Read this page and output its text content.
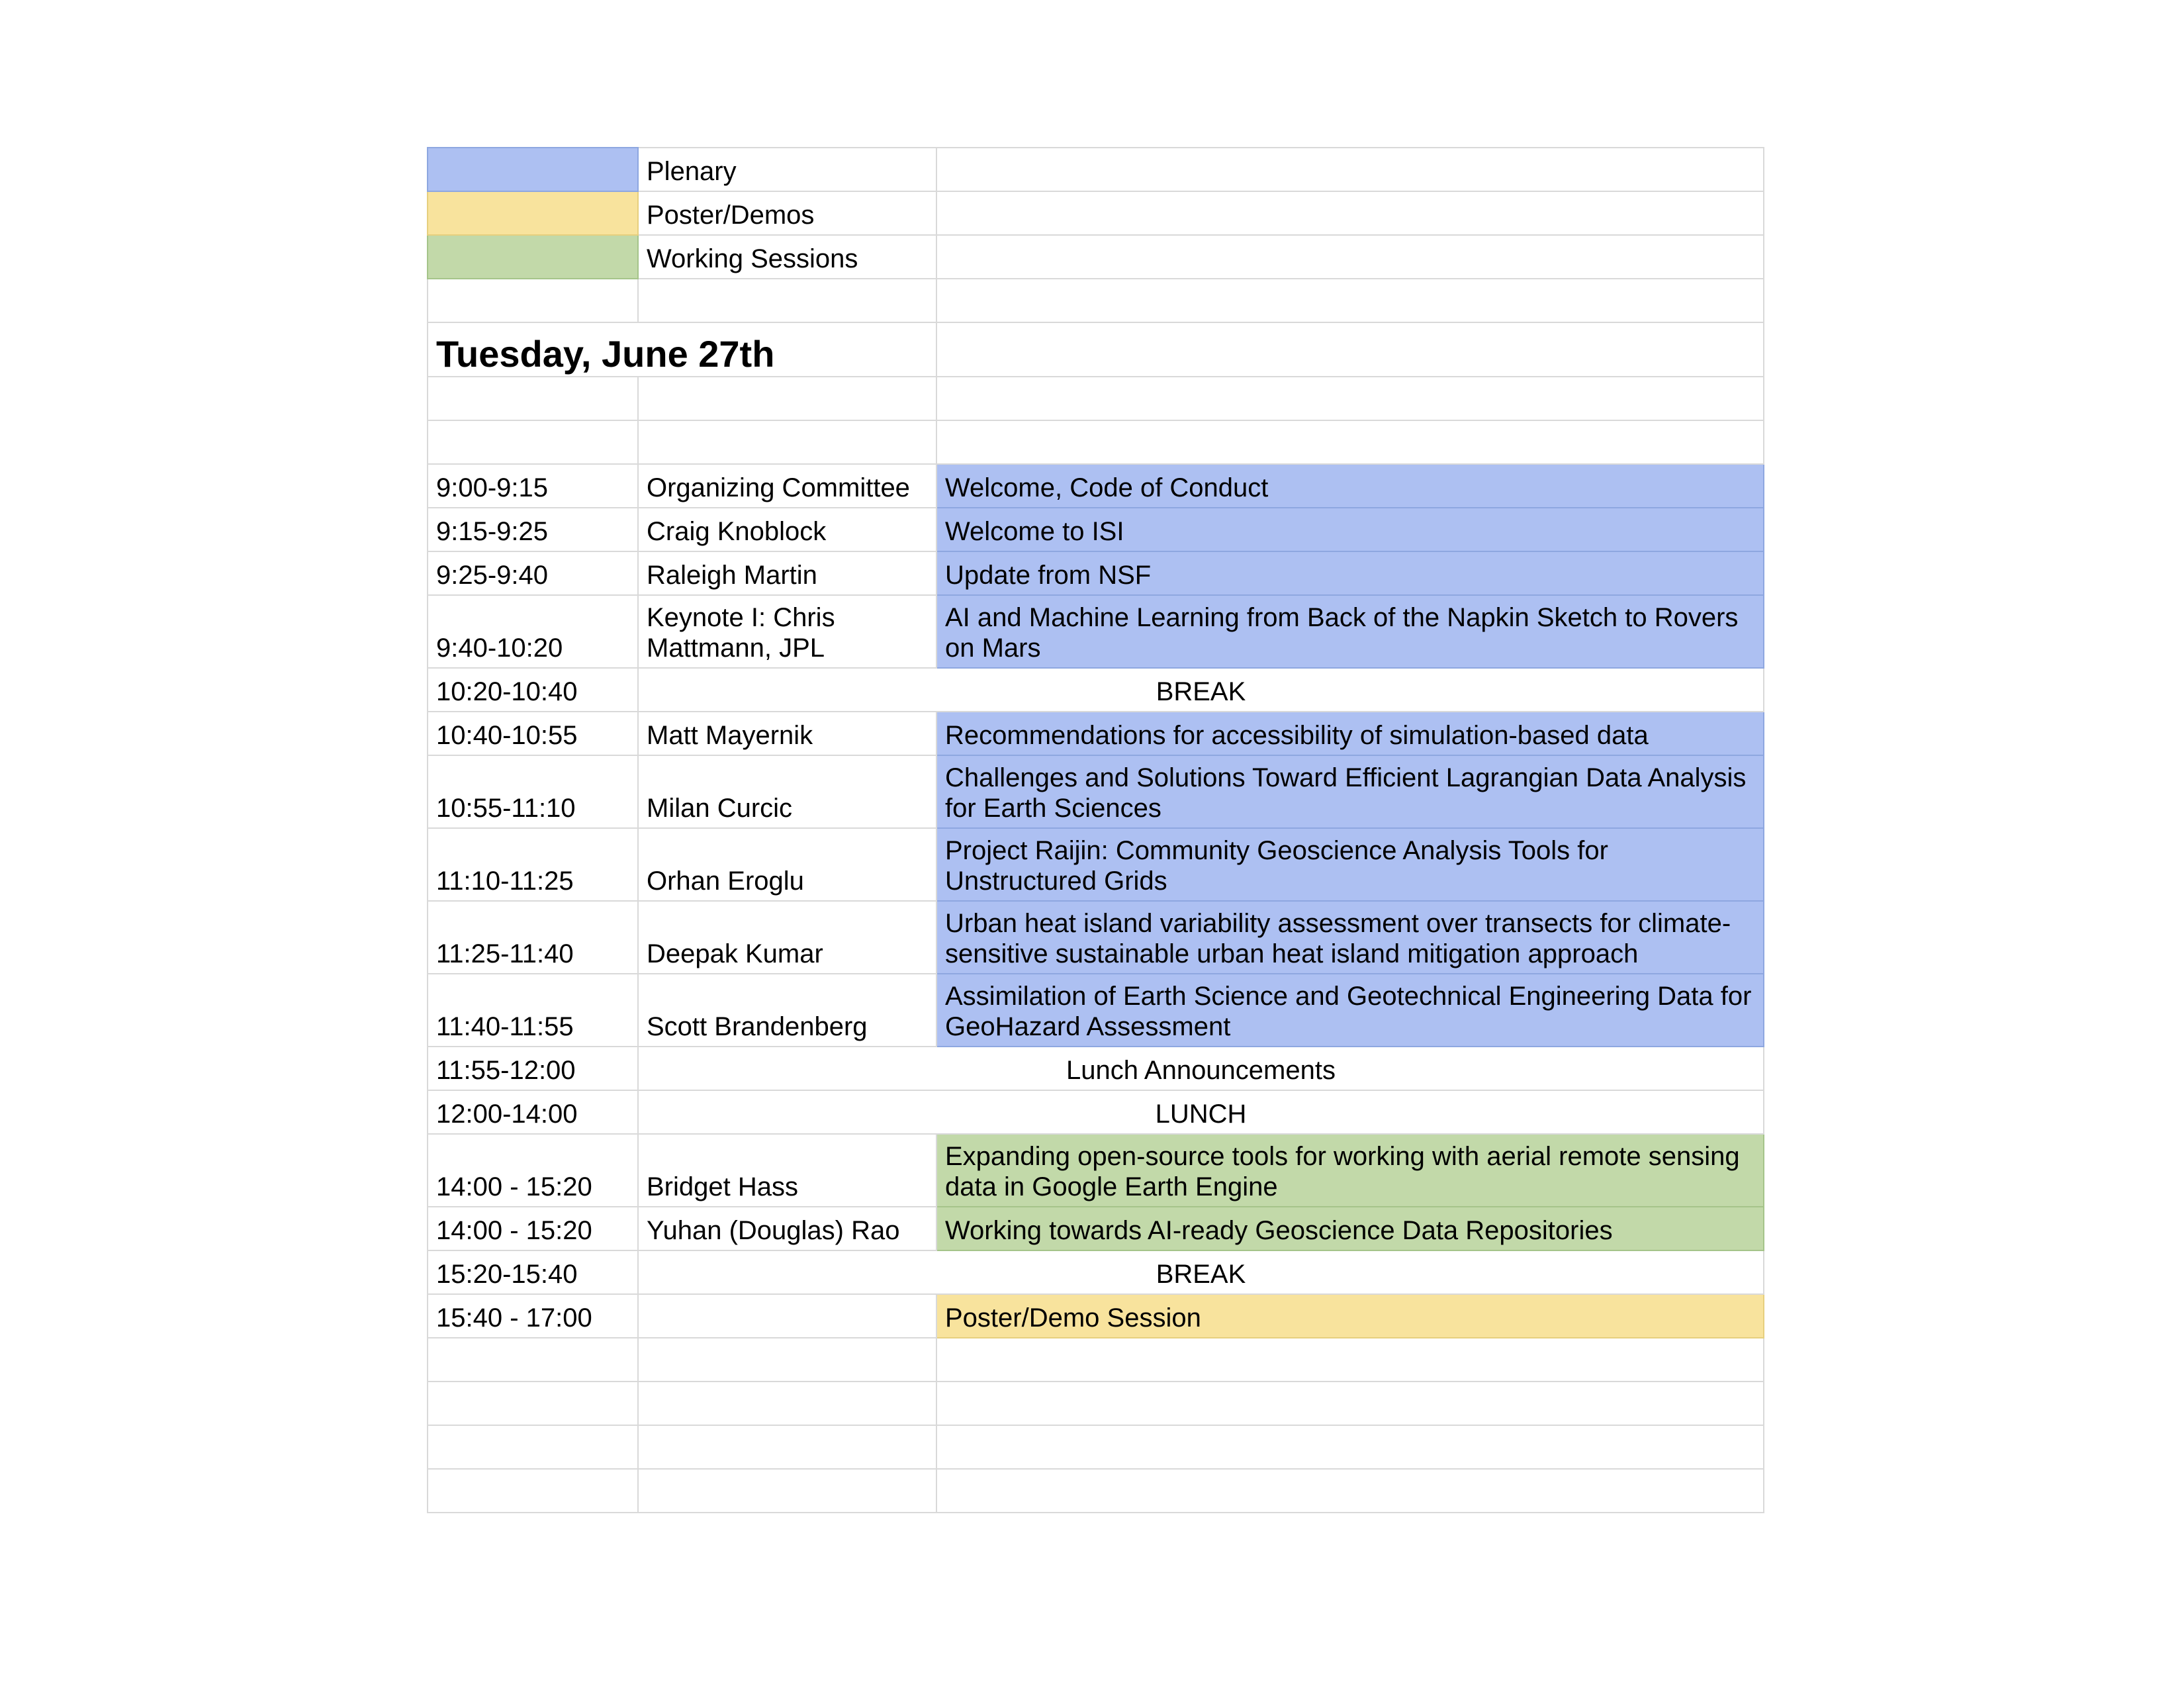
	Plenary	
	Poster/Demos	
	Working Sessions	

Tuesday, June 27th		

9:00-9:15	Organizing Committee	Welcome, Code of Conduct
9:15-9:25	Craig Knoblock	Welcome to ISI
9:25-9:40	Raleigh Martin	Update from NSF
9:40-10:20	Keynote I: Chris Mattmann, JPL	AI and Machine Learning from Back of the Napkin Sketch to Rovers on Mars
10:20-10:40	BREAK	
10:40-10:55	Matt Mayernik	Recommendations for accessibility of simulation-based data
10:55-11:10	Milan Curcic	Challenges and Solutions Toward Efficient Lagrangian Data Analysis for Earth Sciences
11:10-11:25	Orhan Eroglu	Project Raijin: Community Geoscience Analysis Tools for Unstructured Grids
11:25-11:40	Deepak Kumar	Urban heat island variability assessment over transects for climate-sensitive sustainable urban heat island mitigation approach
11:40-11:55	Scott Brandenberg	Assimilation of Earth Science and Geotechnical Engineering Data for GeoHazard Assessment
11:55-12:00	Lunch Announcements	
12:00-14:00	LUNCH	
14:00 - 15:20	Bridget Hass	Expanding open-source tools for working with aerial remote sensing data in Google Earth Engine
14:00 - 15:20	Yuhan (Douglas) Rao	Working towards AI-ready Geoscience Data Repositories
15:20-15:40	BREAK	
15:40 - 17:00		Poster/Demo Session
